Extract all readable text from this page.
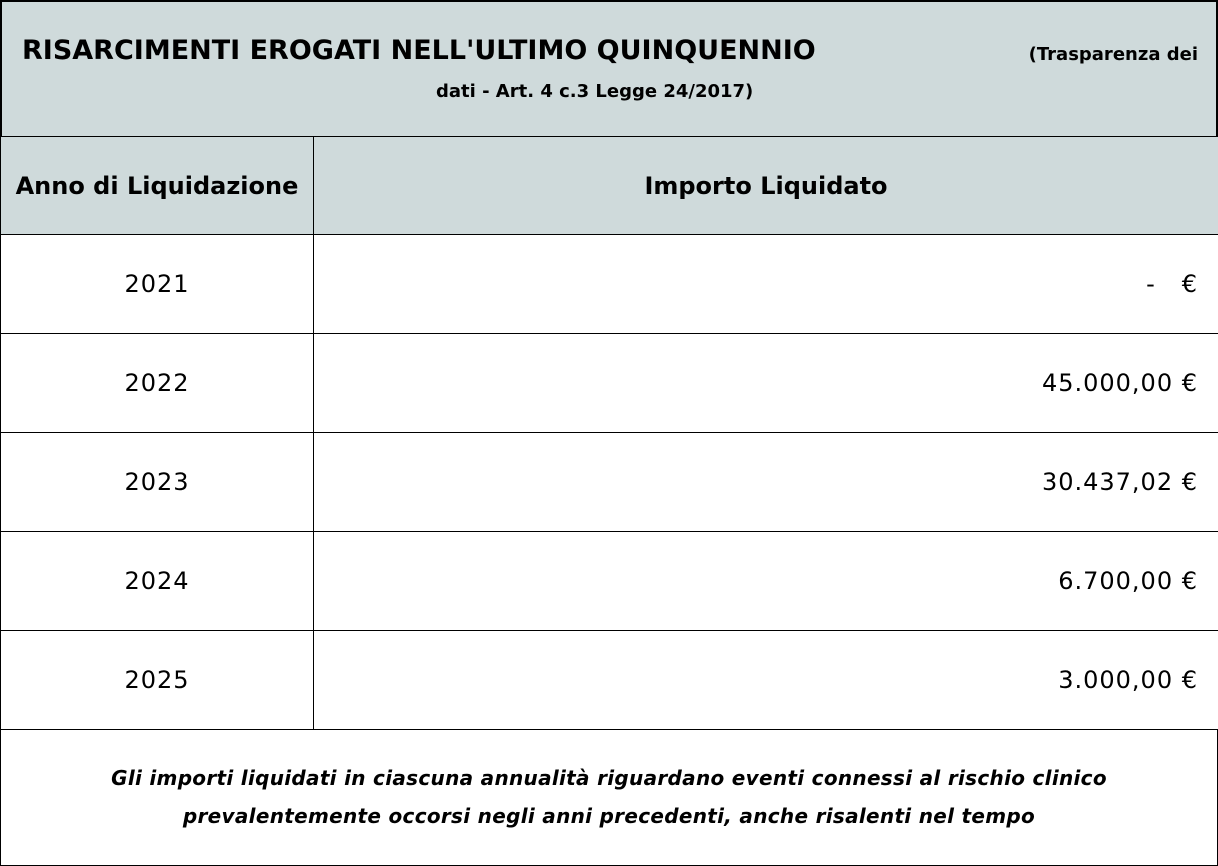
RISARCIMENTI EROGATI NELL'ULTIMO QUINQUENNIO	(Trasparenza dei
dati - Art. 4 c.3 Legge 24/2017)
Anno di Liquidazione	Importo Liquidato
2021	-   €
2022	45.000,00 €
2023	30.437,02 €
2024	6.700,00 €
2025	3.000,00 €
Gli importi liquidati in ciascuna annualità riguardano eventi connessi al rischio clinico prevalentemente occorsi negli anni precedenti, anche risalenti nel tempo
